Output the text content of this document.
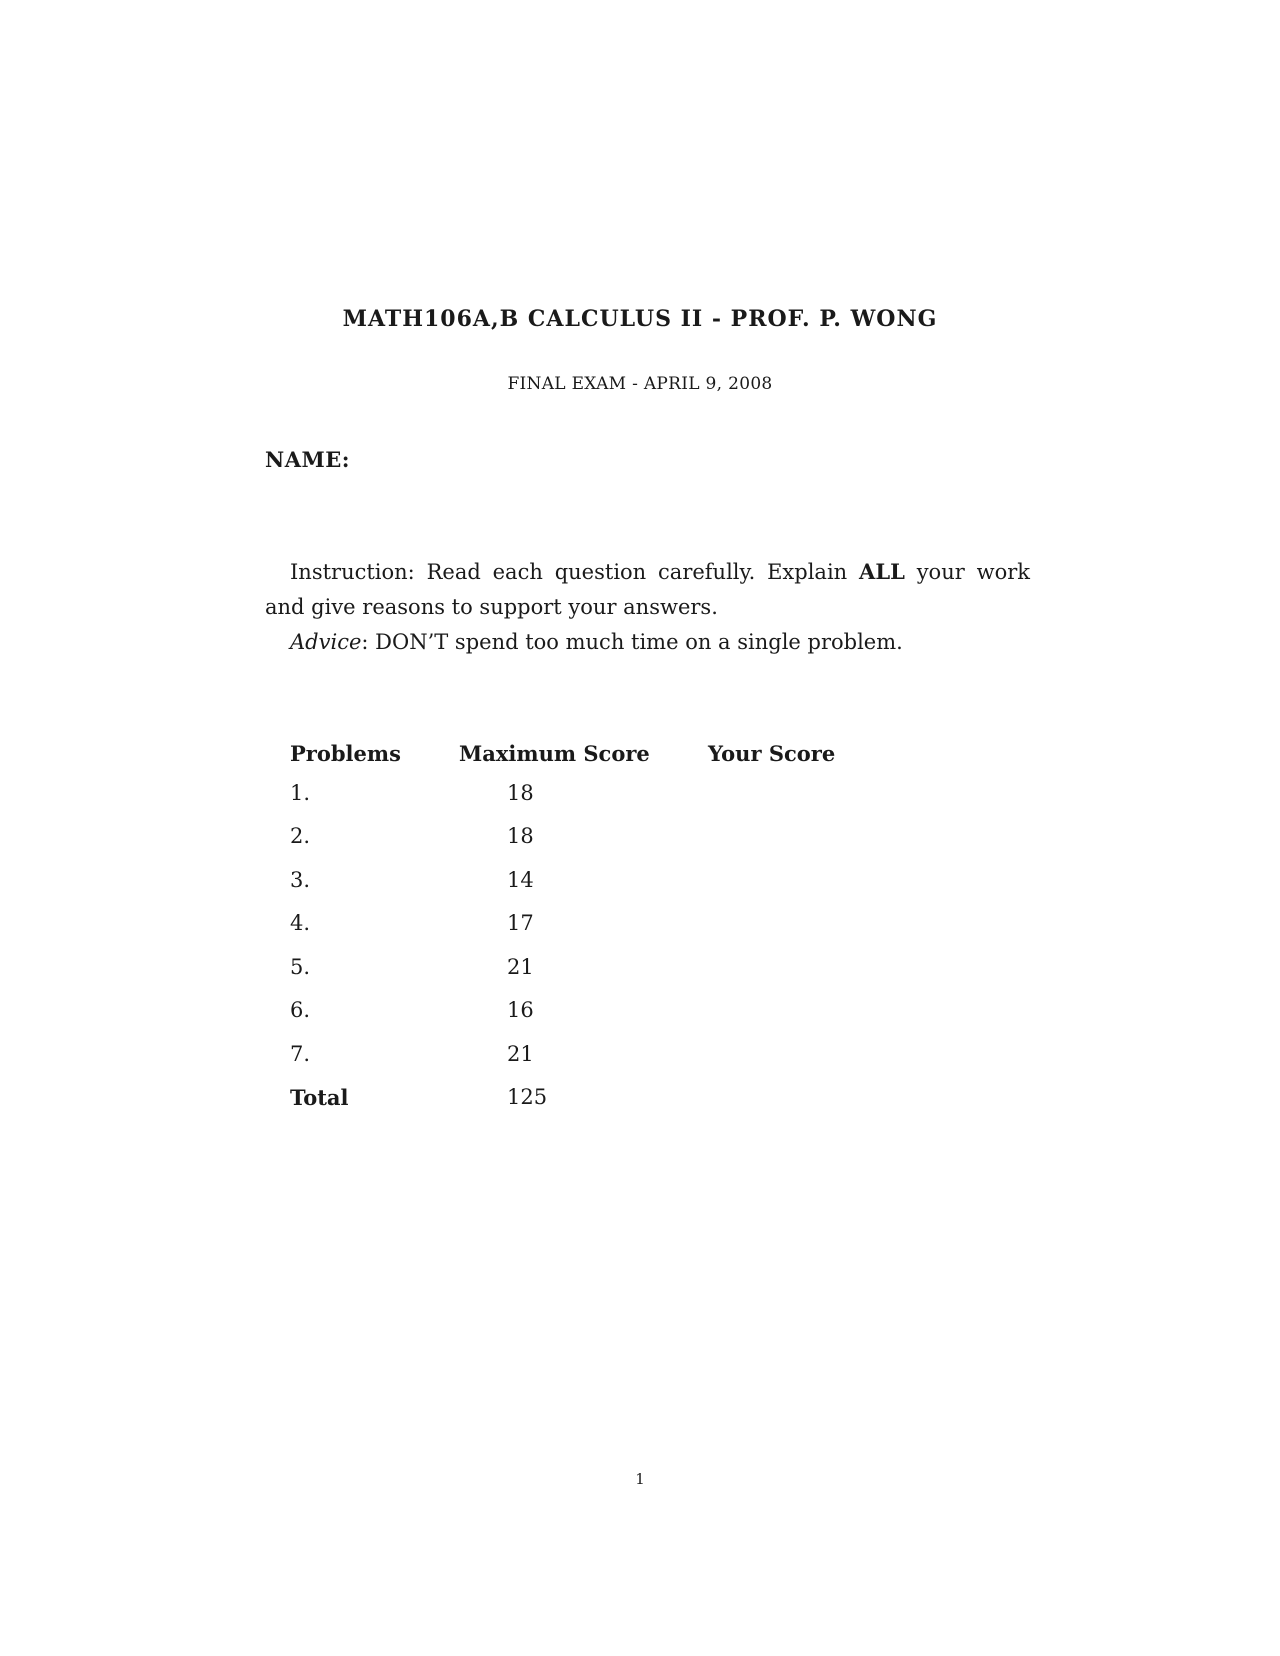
MATH106A,B CALCULUS II - PROF. P. WONG
FINAL EXAM - APRIL 9, 2008
NAME:

Instruction: Read each question carefully. Explain ALL your work and give reasons to support your answers.

Advice: DON’T spend too much time on a single problem.

Problems	Maximum Score	Your Score
1.	18	
2.	18	
3.	14	
4.	17	
5.	21	
6.	16	
7.	21	
Total	125	
1
